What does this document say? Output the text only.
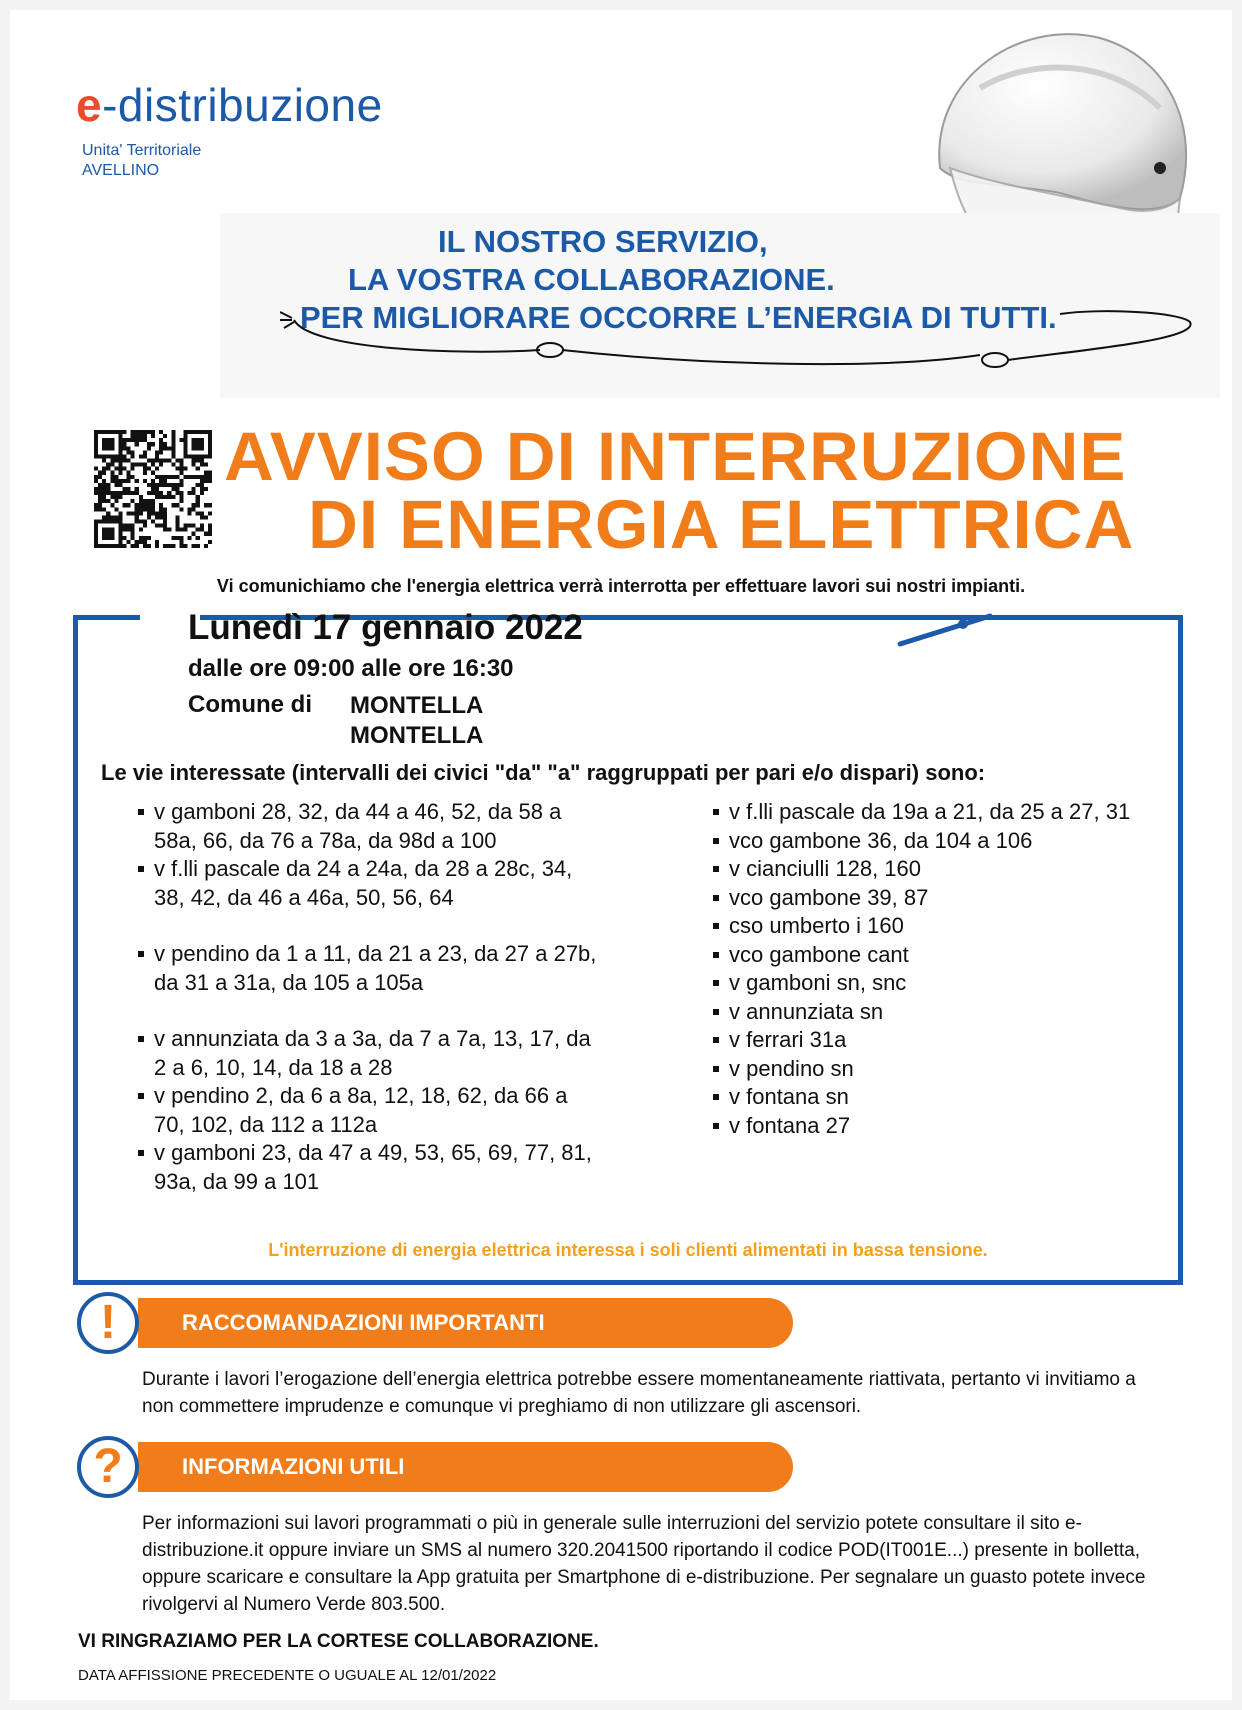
e-distribuzione
Unita' Territoriale
AVELLINO
IL NOSTRO SERVIZIO,
LA VOSTRA COLLABORAZIONE.
PER MIGLIORARE OCCORRE L’ENERGIA DI TUTTI.
AVVISO DI INTERRUZIONE
DI ENERGIA ELETTRICA
Vi comunichiamo che l'energia elettrica verrà interrotta per effettuare lavori sui nostri impianti.
Lunedì 17 gennaio 2022
dalle ore 09:00 alle ore 16:30
Comune di MONTELLA
MONTELLA
Le vie interessate (intervalli dei civici "da" "a" raggruppati per pari e/o dispari) sono:
v gamboni 28, 32, da 44 a 46, 52, da 58 a 58a, 66, da 76 a 78a, da 98d a 100
v f.lli pascale da 24 a 24a, da 28 a 28c, 34, 38, 42, da 46 a 46a, 50, 56, 64
v pendino da 1 a 11, da 21 a 23, da 27 a 27b, da 31 a 31a, da 105 a 105a
v annunziata da 3 a 3a, da 7 a 7a, 13, 17, da 2 a 6, 10, 14, da 18 a 28
v pendino 2, da 6 a 8a, 12, 18, 62, da 66 a 70, 102, da 112 a 112a
v gamboni 23, da 47 a 49, 53, 65, 69, 77, 81, 93a, da 99 a 101
v f.lli pascale da 19a a 21, da 25 a 27, 31
vco gambone 36, da 104 a 106
v cianciulli 128, 160
vco gambone 39, 87
cso umberto i 160
vco gambone cant
v gamboni sn, snc
v annunziata sn
v ferrari 31a
v pendino sn
v fontana sn
v fontana 27
L'interruzione di energia elettrica interessa i soli clienti alimentati in bassa tensione.
!	RACCOMANDAZIONI IMPORTANTI
Durante i lavori l’erogazione dell’energia elettrica potrebbe essere momentaneamente riattivata, pertanto vi invitiamo a non commettere imprudenze e comunque vi preghiamo di non utilizzare gli ascensori.
?	INFORMAZIONI UTILI
Per informazioni sui lavori programmati o più in generale sulle interruzioni del servizio potete consultare il sito e-distribuzione.it oppure inviare un SMS al numero 320.2041500 riportando il codice POD(IT001E...) presente in bolletta, oppure scaricare e consultare la App gratuita per Smartphone di e-distribuzione. Per segnalare un guasto potete invece rivolgervi al Numero Verde 803.500.
VI RINGRAZIAMO PER LA CORTESE COLLABORAZIONE.
DATA AFFISSIONE PRECEDENTE O UGUALE AL 12/01/2022
